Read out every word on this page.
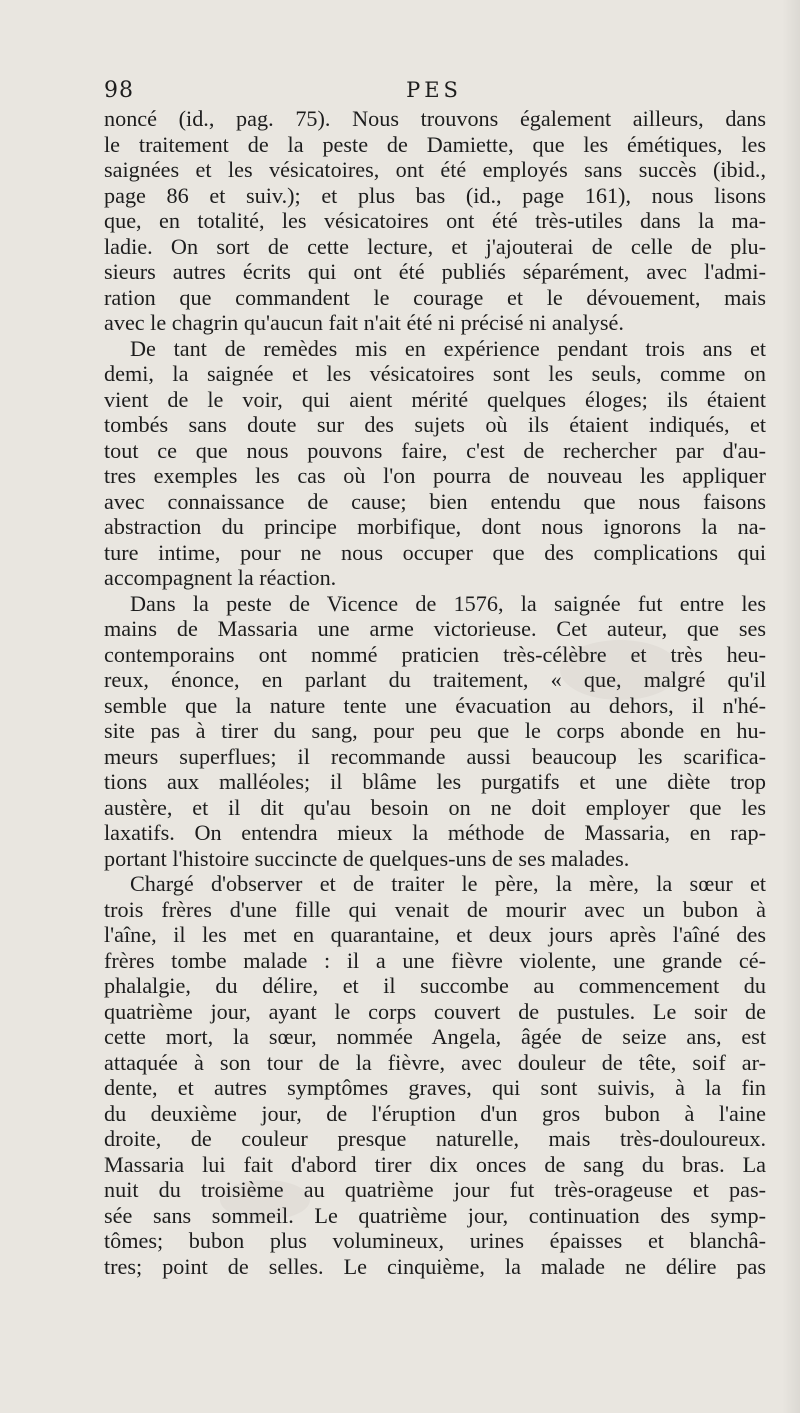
98	PES
noncé (id., pag. 75). Nous trouvons également ailleurs, dans
le traitement de la peste de Damiette, que les émétiques, les
saignées et les vésicatoires, ont été employés sans succès (ibid.,
page 86 et suiv.); et plus bas (id., page 161), nous lisons
que, en totalité, les vésicatoires ont été très-utiles dans la ma-
ladie. On sort de cette lecture, et j'ajouterai de celle de plu-
sieurs autres écrits qui ont été publiés séparément, avec l'admi-
ration que commandent le courage et le dévouement, mais
avec le chagrin qu'aucun fait n'ait été ni précisé ni analysé.
De tant de remèdes mis en expérience pendant trois ans et
demi, la saignée et les vésicatoires sont les seuls, comme on
vient de le voir, qui aient mérité quelques éloges; ils étaient
tombés sans doute sur des sujets où ils étaient indiqués, et
tout ce que nous pouvons faire, c'est de rechercher par d'au-
tres exemples les cas où l'on pourra de nouveau les appliquer
avec connaissance de cause; bien entendu que nous faisons
abstraction du principe morbifique, dont nous ignorons la na-
ture intime, pour ne nous occuper que des complications qui
accompagnent la réaction.
Dans la peste de Vicence de 1576, la saignée fut entre les
mains de Massaria une arme victorieuse. Cet auteur, que ses
contemporains ont nommé praticien très-célèbre et très heu-
reux, énonce, en parlant du traitement, « que, malgré qu'il
semble que la nature tente une évacuation au dehors, il n'hé-
site pas à tirer du sang, pour peu que le corps abonde en hu-
meurs superflues; il recommande aussi beaucoup les scarifica-
tions aux malléoles; il blâme les purgatifs et une diète trop
austère, et il dit qu'au besoin on ne doit employer que les
laxatifs. On entendra mieux la méthode de Massaria, en rap-
portant l'histoire succincte de quelques-uns de ses malades.
Chargé d'observer et de traiter le père, la mère, la sœur et
trois frères d'une fille qui venait de mourir avec un bubon à
l'aîne, il les met en quarantaine, et deux jours après l'aîné des
frères tombe malade : il a une fièvre violente, une grande cé-
phalalgie, du délire, et il succombe au commencement du
quatrième jour, ayant le corps couvert de pustules. Le soir de
cette mort, la sœur, nommée Angela, âgée de seize ans, est
attaquée à son tour de la fièvre, avec douleur de tête, soif ar-
dente, et autres symptômes graves, qui sont suivis, à la fin
du deuxième jour, de l'éruption d'un gros bubon à l'aine
droite, de couleur presque naturelle, mais très-douloureux.
Massaria lui fait d'abord tirer dix onces de sang du bras. La
nuit du troisième au quatrième jour fut très-orageuse et pas-
sée sans sommeil. Le quatrième jour, continuation des symp-
tômes; bubon plus volumineux, urines épaisses et blanchâ-
tres; point de selles. Le cinquième, la malade ne délire pas
